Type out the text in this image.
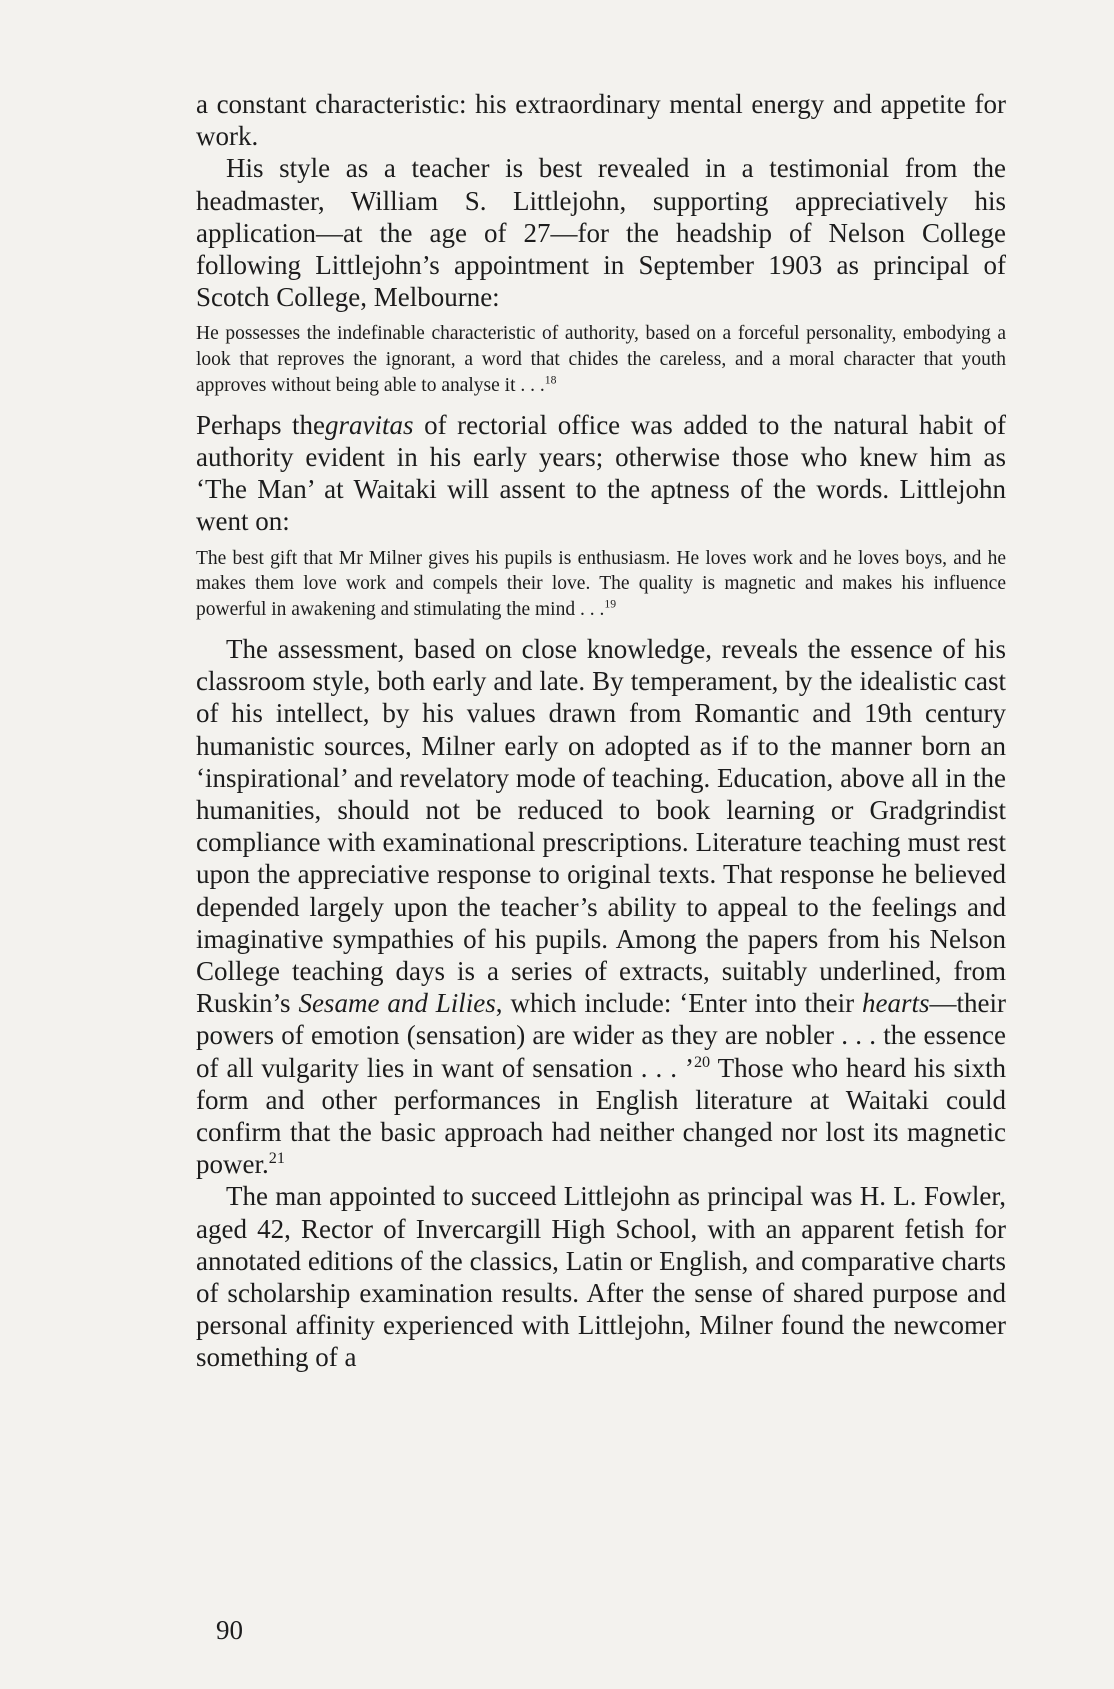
a constant characteristic: his extraordinary mental energy and appetite for work.

His style as a teacher is best revealed in a testimonial from the headmaster, William S. Littlejohn, supporting appreciatively his application—at the age of 27—for the headship of Nelson College following Littlejohn’s appointment in September 1903 as principal of Scotch College, Melbourne:

He possesses the indefinable characteristic of authority, based on a forceful personality, embodying a look that reproves the ignorant, a word that chides the careless, and a moral character that youth approves without being able to analyse it . . .$^{18}$

Perhaps thegravitas of rectorial office was added to the natural habit of authority evident in his early years; otherwise those who knew him as ‘The Man’ at Waitaki will assent to the aptness of the words. Littlejohn went on:

The best gift that Mr Milner gives his pupils is enthusiasm. He loves work and he loves boys, and he makes them love work and compels their love. The quality is magnetic and makes his influence powerful in awakening and stimulating the mind . . .$^{19}$

The assessment, based on close knowledge, reveals the essence of his classroom style, both early and late. By temperament, by the idealistic cast of his intellect, by his values drawn from Romantic and 19th century humanistic sources, Milner early on adopted as if to the manner born an ‘inspirational’ and revelatory mode of teaching. Education, above all in the humanities, should not be reduced to book learning or Gradgrindist compliance with examinational prescriptions. Literature teaching must rest upon the appreciative response to original texts. That response he believed depended largely upon the teacher’s ability to appeal to the feelings and imaginative sympathies of his pupils. Among the papers from his Nelson College teaching days is a series of extracts, suitably underlined, from Ruskin’s Sesame and Lilies, which include: ‘Enter into their hearts—their powers of emotion (sensation) are wider as they are nobler . . . the essence of all vulgarity lies in want of sensation . . . ’$^{20}$ Those who heard his sixth form and other performances in English literature at Waitaki could confirm that the basic approach had neither changed nor lost its magnetic power.$^{21}$

The man appointed to succeed Littlejohn as principal was H. L. Fowler, aged 42, Rector of Invercargill High School, with an apparent fetish for annotated editions of the classics, Latin or English, and comparative charts of scholarship examination results. After the sense of shared purpose and personal affinity experienced with Littlejohn, Milner found the newcomer something of a

90
